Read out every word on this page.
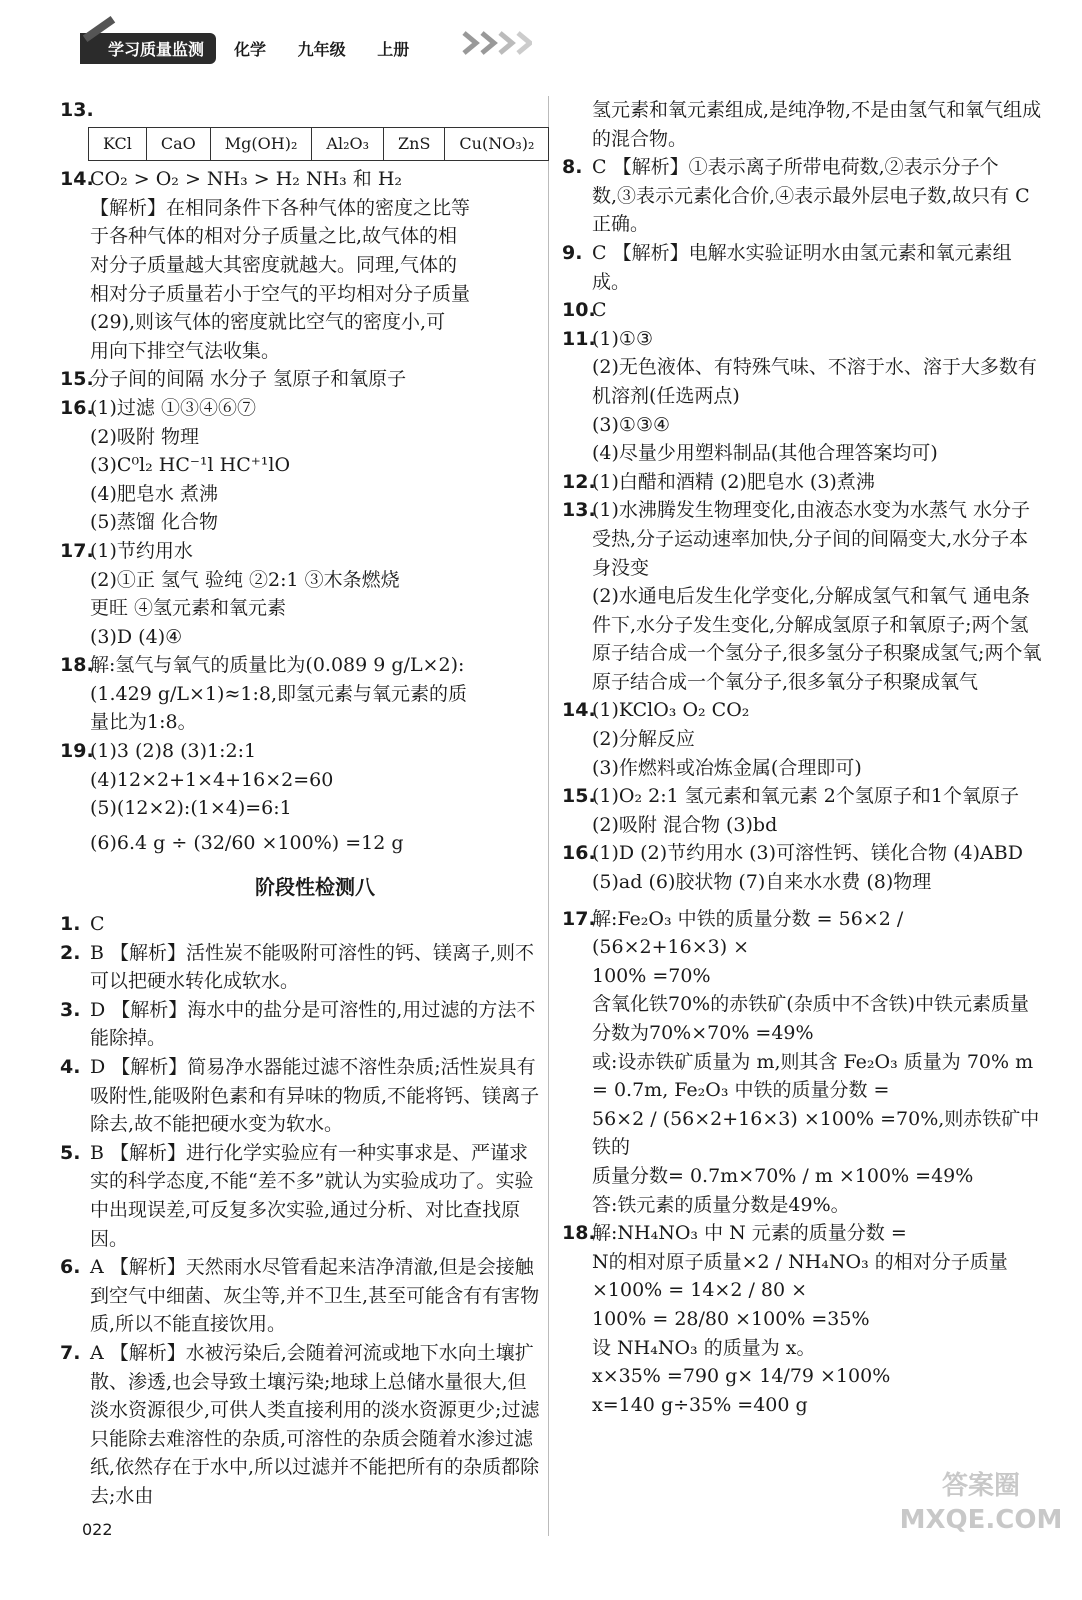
学习质量监测	化学 九年级 上册
13.
KCl	CaO	Mg(OH)₂	Al₂O₃	ZnS	Cu(NO₃)₂
14.
CO₂ > O₂ > NH₃ > H₂ NH₃ 和 H₂
【解析】在相同条件下各种气体的密度之比等
于各种气体的相对分子质量之比,故气体的相
对分子质量越大其密度就越大。同理,气体的
相对分子质量若小于空气的平均相对分子质量
(29),则该气体的密度就比空气的密度小,可
用向下排空气法收集。
15.
分子间的间隔 水分子 氢原子和氧原子
16.
(1)过滤 ①③④⑥⑦
(2)吸附 物理
(3)C⁰l₂ HC⁻¹l HC⁺¹lO
(4)肥皂水 煮沸
(5)蒸馏 化合物
17.
(1)节约用水
(2)①正 氢气 验纯 ②2:1 ③木条燃烧
更旺 ④氢元素和氧元素
(3)D (4)④
18.
解:氢气与氧气的质量比为(0.089 9 g/L×2):
(1.429 g/L×1)≈1:8,即氢元素与氧元素的质
量比为1:8。
19.
(1)3 (2)8 (3)1:2:1
(4)12×2+1×4+16×2=60
(5)(12×2):(1×4)=6:1
(6)6.4 g ÷ (32/60 ×100%) =12 g
阶段性检测八
1. C
2. B 【解析】活性炭不能吸附可溶性的钙、镁离子,则不可以把硬水转化成软水。
3. D 【解析】海水中的盐分是可溶性的,用过滤的方法不能除掉。
4. D 【解析】简易净水器能过滤不溶性杂质;活性炭具有吸附性,能吸附色素和有异味的物质,不能将钙、镁离子除去,故不能把硬水变为软水。
5. B 【解析】进行化学实验应有一种实事求是、严谨求实的科学态度,不能“差不多”就认为实验成功了。实验中出现误差,可反复多次实验,通过分析、对比查找原因。
6. A 【解析】天然雨水尽管看起来洁净清澈,但是会接触到空气中细菌、灰尘等,并不卫生,甚至可能含有有害物质,所以不能直接饮用。
7. A 【解析】水被污染后,会随着河流或地下水向土壤扩散、渗透,也会导致土壤污染;地球上总储水量很大,但淡水资源很少,可供人类直接利用的淡水资源更少;过滤只能除去难溶性的杂质,可溶性的杂质会随着水渗过滤纸,依然存在于水中,所以过滤并不能把所有的杂质都除去;水由
氢元素和氧元素组成,是纯净物,不是由氢气和氧气组成的混合物。
8. C 【解析】①表示离子所带电荷数,②表示分子个数,③表示元素化合价,④表示最外层电子数,故只有 C 正确。
9. C 【解析】电解水实验证明水由氢元素和氧元素组成。
10.
C
11.
(1)①③
(2)无色液体、有特殊气味、不溶于水、溶于大多数有机溶剂(任选两点)
(3)①③④
(4)尽量少用塑料制品(其他合理答案均可)
12.
(1)白醋和酒精 (2)肥皂水 (3)煮沸
13.
(1)水沸腾发生物理变化,由液态水变为水蒸气 水分子受热,分子运动速率加快,分子间的间隔变大,水分子本身没变
(2)水通电后发生化学变化,分解成氢气和氧气 通电条件下,水分子发生变化,分解成氢原子和氧原子;两个氢原子结合成一个氢分子,很多氢分子积聚成氢气;两个氧原子结合成一个氧分子,很多氧分子积聚成氧气
14.
(1)KClO₃ O₂ CO₂
(2)分解反应
(3)作燃料或冶炼金属(合理即可)
15.
(1)O₂ 2:1 氢元素和氧元素 2个氢原子和1个氧原子 (2)吸附 混合物 (3)bd
16.
(1)D (2)节约用水 (3)可溶性钙、镁化合物 (4)ABD (5)ad (6)胶状物 (7)自来水水费 (8)物理
17.
解:Fe₂O₃ 中铁的质量分数 = 56×2 / (56×2+16×3) ×
100% =70%
含氧化铁70%的赤铁矿(杂质中不含铁)中铁元素质量分数为70%×70% =49%
或:设赤铁矿质量为 m,则其含 Fe₂O₃ 质量为 70% m = 0.7m, Fe₂O₃ 中铁的质量分数 =
56×2 / (56×2+16×3) ×100% =70%,则赤铁矿中铁的
质量分数= 0.7m×70% / m ×100% =49%
答:铁元素的质量分数是49%。
18.
解:NH₄NO₃ 中 N 元素的质量分数 =
N的相对原子质量×2 / NH₄NO₃ 的相对分子质量 ×100% = 14×2 / 80 ×
100% = 28/80 ×100% =35%
设 NH₄NO₃ 的质量为 x。
x×35% =790 g× 14/79 ×100%
x=140 g÷35% =400 g
022
答案圈 MXQE.COM
